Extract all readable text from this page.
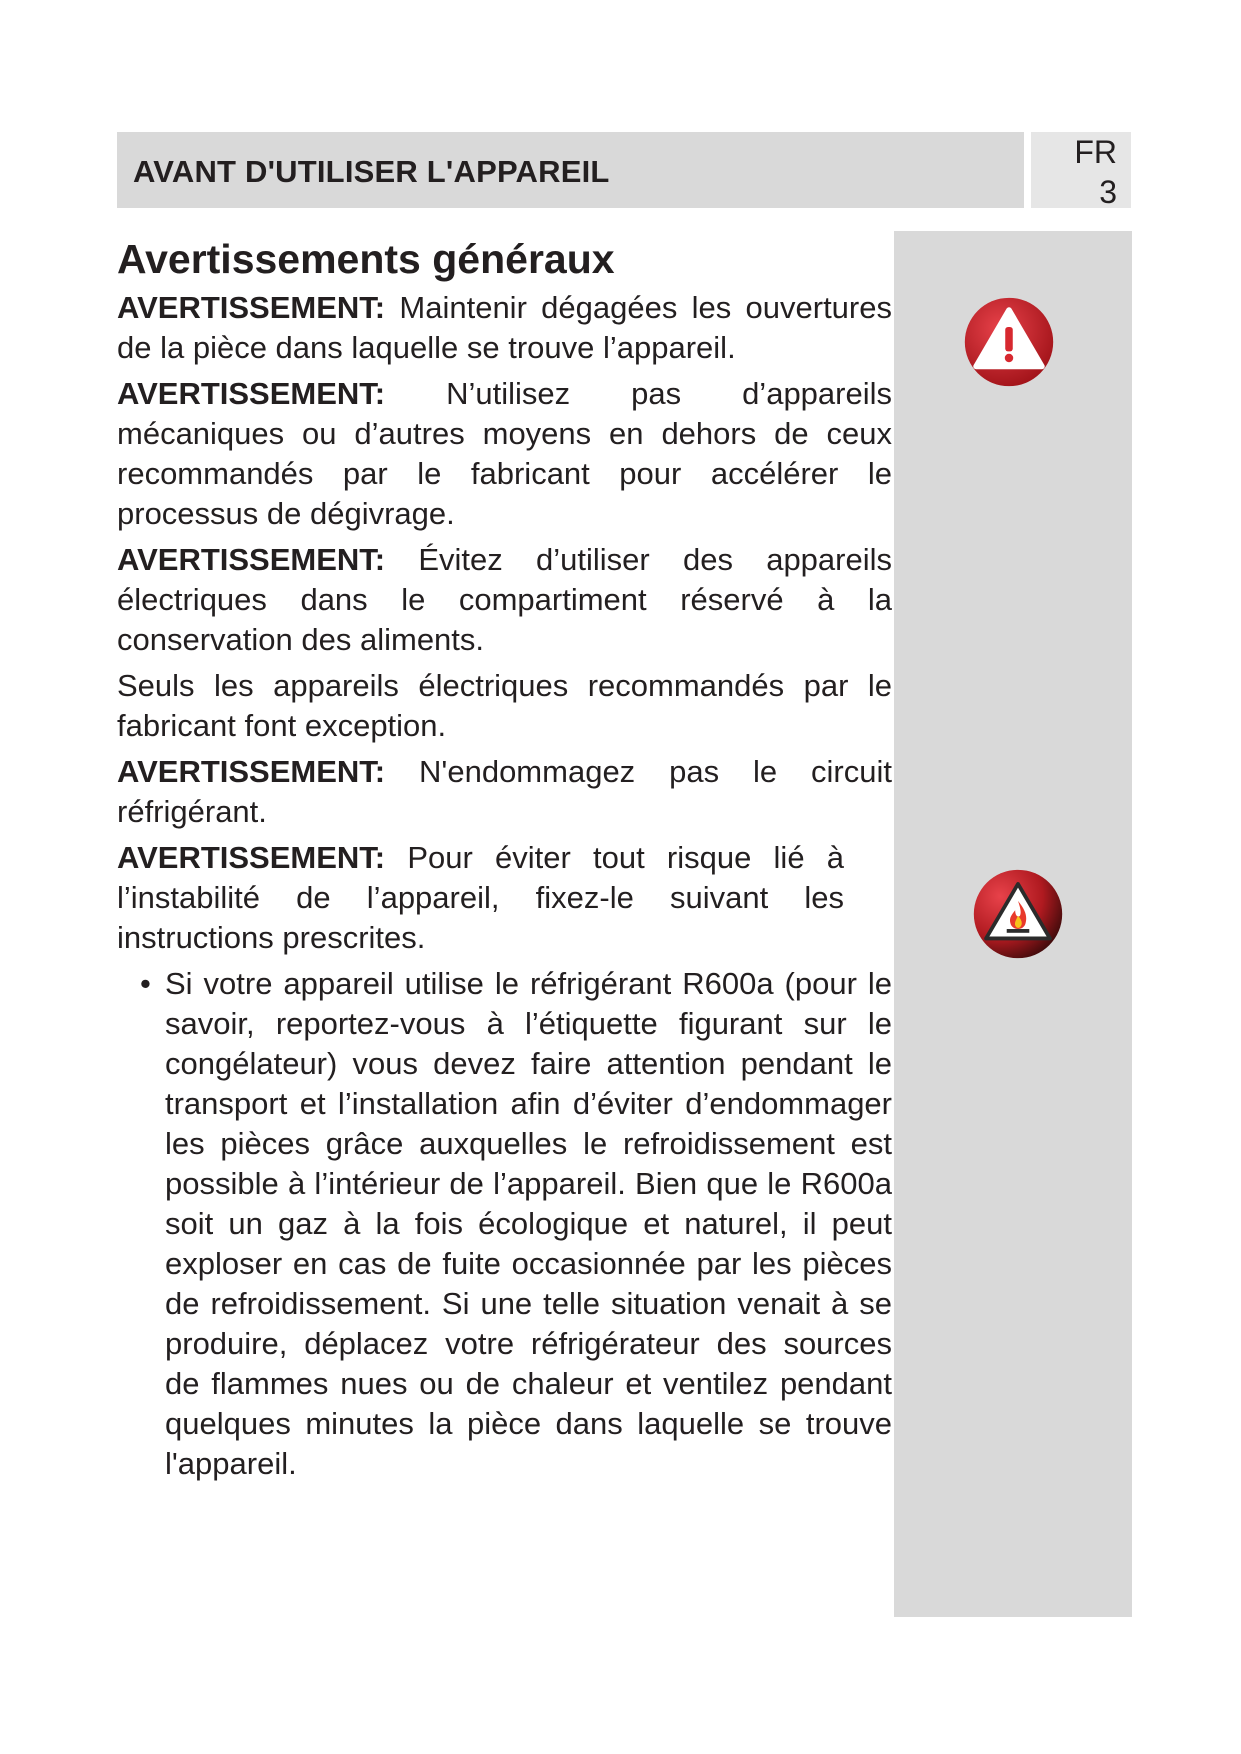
AVANT D'UTILISER L'APPAREIL
FR
3
Avertissements généraux

AVERTISSEMENT: Maintenir dégagées les ouvertures de la pièce dans laquelle se trouve l’appareil.

AVERTISSEMENT: N’utilisez pas d’appareils mécaniques ou d’autres moyens en dehors de ceux recommandés par le fabricant pour accélérer le processus de dégivrage.

AVERTISSEMENT: Évitez d’utiliser des appareils électriques dans le compartiment réservé à la conservation des aliments.

Seuls les appareils électriques recommandés par le fabricant font exception.

AVERTISSEMENT: N'endommagez pas le circuit réfrigérant.

AVERTISSEMENT: Pour éviter tout risque lié à l’instabilité de l’appareil, fixez-le suivant les instructions prescrites.

• Si votre appareil utilise le réfrigérant R600a (pour le savoir, reportez-vous à l’étiquette figurant sur le congélateur) vous devez faire attention pendant le transport et l’installation afin d’éviter d’endommager les pièces grâce auxquelles le refroidissement est possible à l’intérieur de l’appareil. Bien que le R600a soit un gaz à la fois écologique et naturel, il peut exploser en cas de fuite occasionnée par les pièces de refroidissement. Si une telle situation venait à se produire, déplacez votre réfrigérateur des sources de flammes nues ou de chaleur et ventilez pendant quelques minutes la pièce dans laquelle se trouve l'appareil.
